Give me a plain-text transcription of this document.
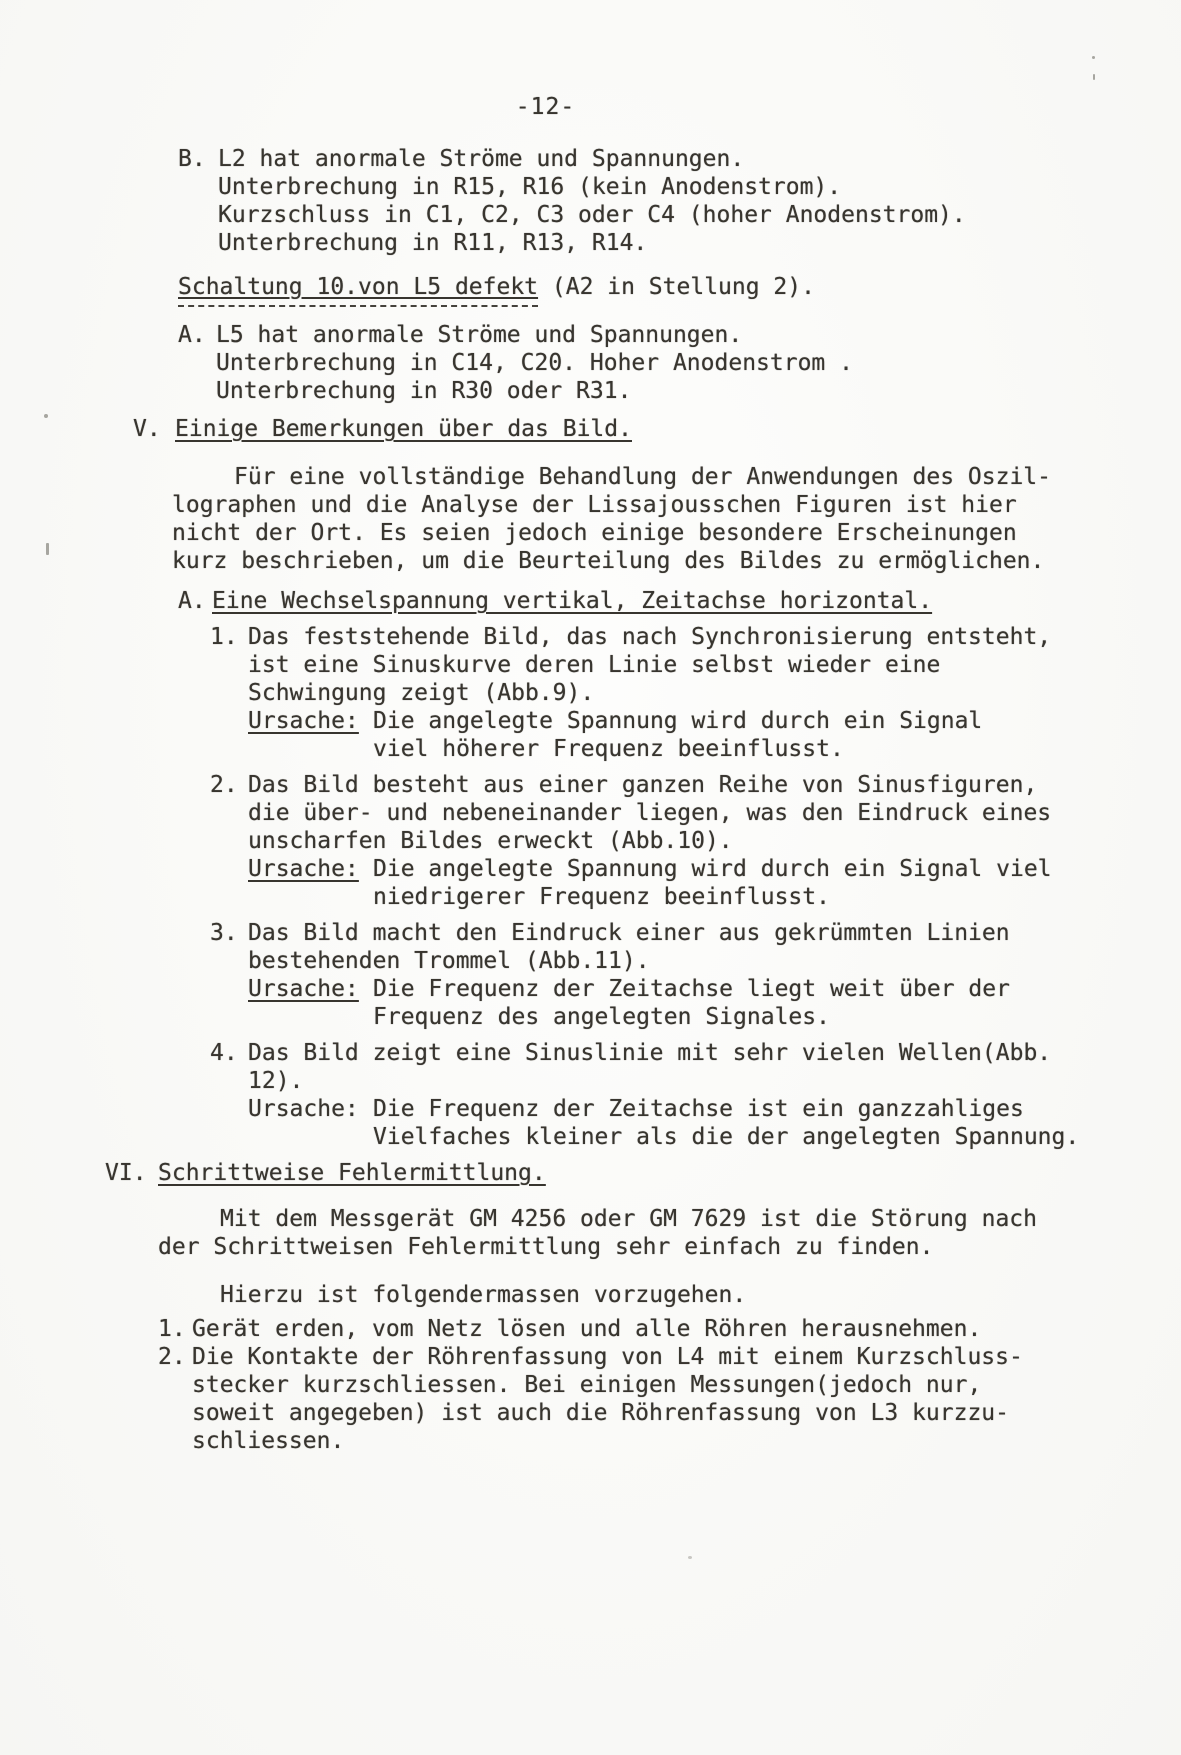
-12-
B. L2 hat anormale Ströme und Spannungen.
Unterbrechung in R15, R16 (kein Anodenstrom).
Kurzschluss in C1, C2, C3 oder C4 (hoher Anodenstrom).
Unterbrechung in R11, R13, R14.
Schaltung 10.von L5 defekt (A2 in Stellung 2).
A. L5 hat anormale Ströme und Spannungen.
Unterbrechung in C14, C20. Hoher Anodenstrom .
Unterbrechung in R30 oder R31.
V. Einige Bemerkungen über das Bild.
Für eine vollständige Behandlung der Anwendungen des Oszil-
lographen und die Analyse der Lissajousschen Figuren ist hier
nicht der Ort. Es seien jedoch einige besondere Erscheinungen
kurz beschrieben, um die Beurteilung des Bildes zu ermöglichen.
A. Eine Wechselspannung vertikal, Zeitachse horizontal.
1. Das feststehende Bild, das nach Synchronisierung entsteht,
ist eine Sinuskurve deren Linie selbst wieder eine
Schwingung zeigt (Abb.9).
Ursache: Die angelegte Spannung wird durch ein Signal
viel höherer Frequenz beeinflusst.
2. Das Bild besteht aus einer ganzen Reihe von Sinusfiguren,
die über- und nebeneinander liegen, was den Eindruck eines
unscharfen Bildes erweckt (Abb.10).
Ursache: Die angelegte Spannung wird durch ein Signal viel
niedrigerer Frequenz beeinflusst.
3. Das Bild macht den Eindruck einer aus gekrümmten Linien
bestehenden Trommel (Abb.11).
Ursache: Die Frequenz der Zeitachse liegt weit über der
Frequenz des angelegten Signales.
4. Das Bild zeigt eine Sinuslinie mit sehr vielen Wellen(Abb.
12).
Ursache: Die Frequenz der Zeitachse ist ein ganzzahliges
Vielfaches kleiner als die der angelegten Spannung.
VI. Schrittweise Fehlermittlung.
Mit dem Messgerät GM 4256 oder GM 7629 ist die Störung nach
der Schrittweisen Fehlermittlung sehr einfach zu finden.
Hierzu ist folgendermassen vorzugehen.
1. Gerät erden, vom Netz lösen und alle Röhren herausnehmen.
2. Die Kontakte der Röhrenfassung von L4 mit einem Kurzschluss-
stecker kurzschliessen. Bei einigen Messungen(jedoch nur,
soweit angegeben) ist auch die Röhrenfassung von L3 kurzzu-
schliessen.
